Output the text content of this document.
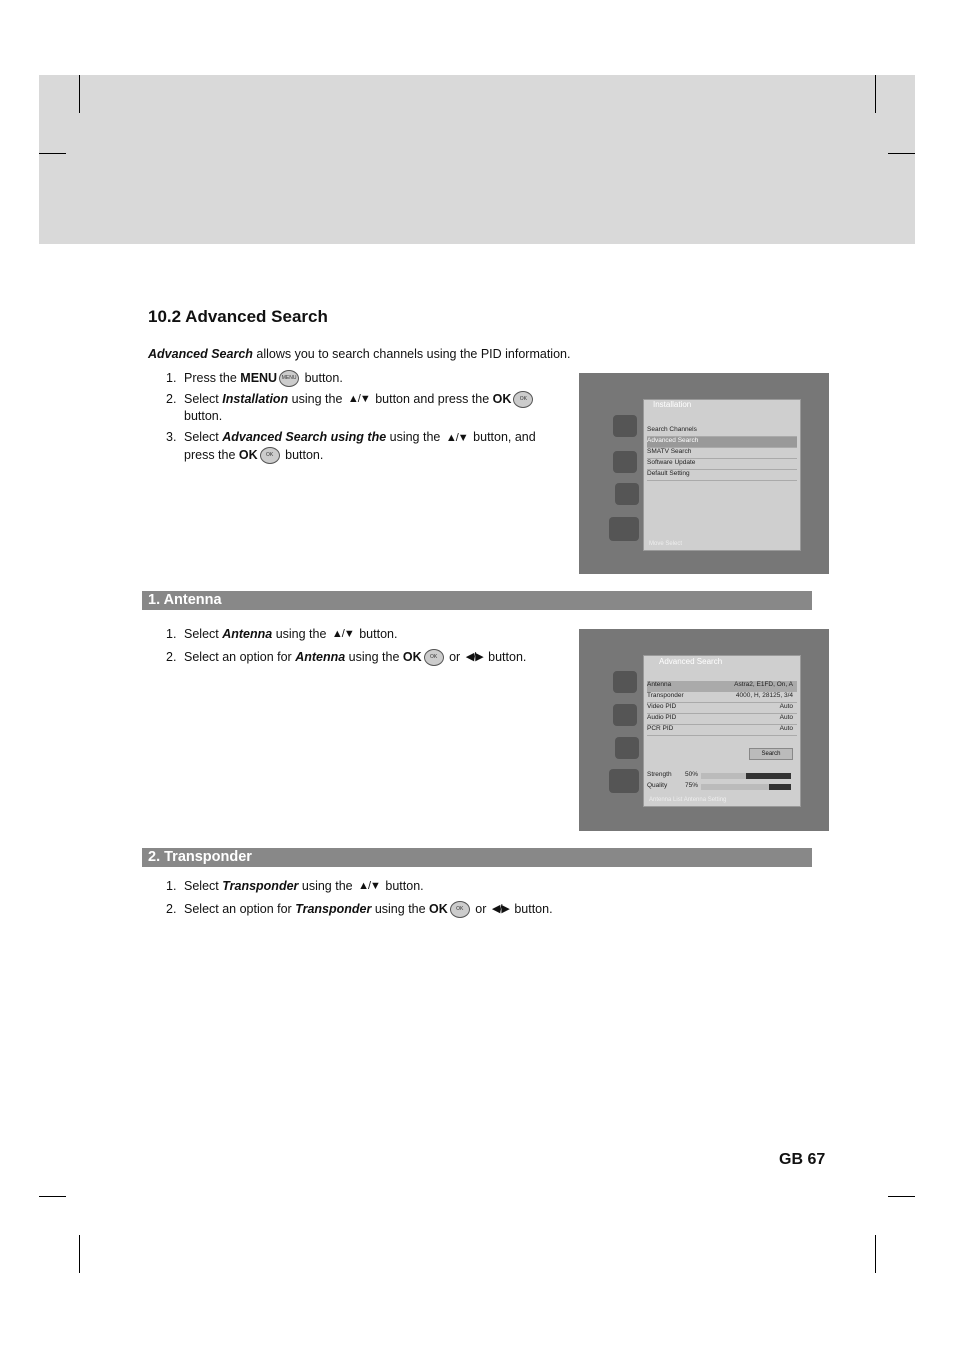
10.2 Advanced Search
Advanced Search allows you to search channels using the PID information.
1. Press the MENU MENU button.
2. Select Installation using the ▲/▼ button and press the OK OK button.
3. Select Advanced Search using the using the ▲/▼ button, and press the OK OK button.
Installation
Search Channels
Advanced Search
SMATV Search
Software Update
Default Setting
Move Select
1. Antenna
1. Select Antenna using the ▲/▼ button.
2. Select an option for Antenna using the OK OK or ◀/▶ button.	Advanced Search
Antenna	Astra2, E1FD, On, A
Transponder	4000, H, 28125, 3/4
Video PID	Auto
Audio PID	Auto
PCR PID	Auto
Search
Strength 50%
Quality	75%
Antenna List Antenna Setting
2. Transponder
1. Select Transponder using the ▲/▼ button.
2. Select an option for Transponder using the OK OK or ◀/▶ button.
GB 67
